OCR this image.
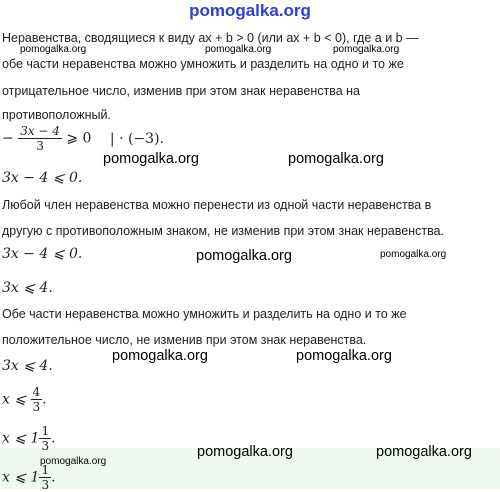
pomogalka.org
Неравенства, сводящиеся к виду ax + b > 0 (или ax + b < 0), где a и b —
pomogalka.org	pomogalka.org	pomogalka.org
обе части неравенства можно умножить и разделить на одно и то же
отрицательное число, изменив при этом знак неравенства на
противоположный.
− $\frac{3x - 4}{3}$ ⩾ 0 | · (−3).
pomogalka.org	pomogalka.org
3x − 4 ⩽ 0.
Любой член неравенства можно перенести из одной части неравенства в
другую с противоположным знаком, не изменив при этом знак неравенства.
3x − 4 ⩽ 0.	pomogalka.org	pomogalka.org
3x ⩽ 4.
Обе части неравенства можно умножить и разделить на одно и то же
положительное число, не изменив при этом знак неравенства.
pomogalka.org	pomogalka.org
3x ⩽ 4.
x ⩽ $\frac{4}{3}$ .
x ⩽ $1 \frac{1}{3}$ .
pomogalka.org	pomogalka.org
x ⩽ $1 \frac{1}{3}$ .
pomogalka.org
